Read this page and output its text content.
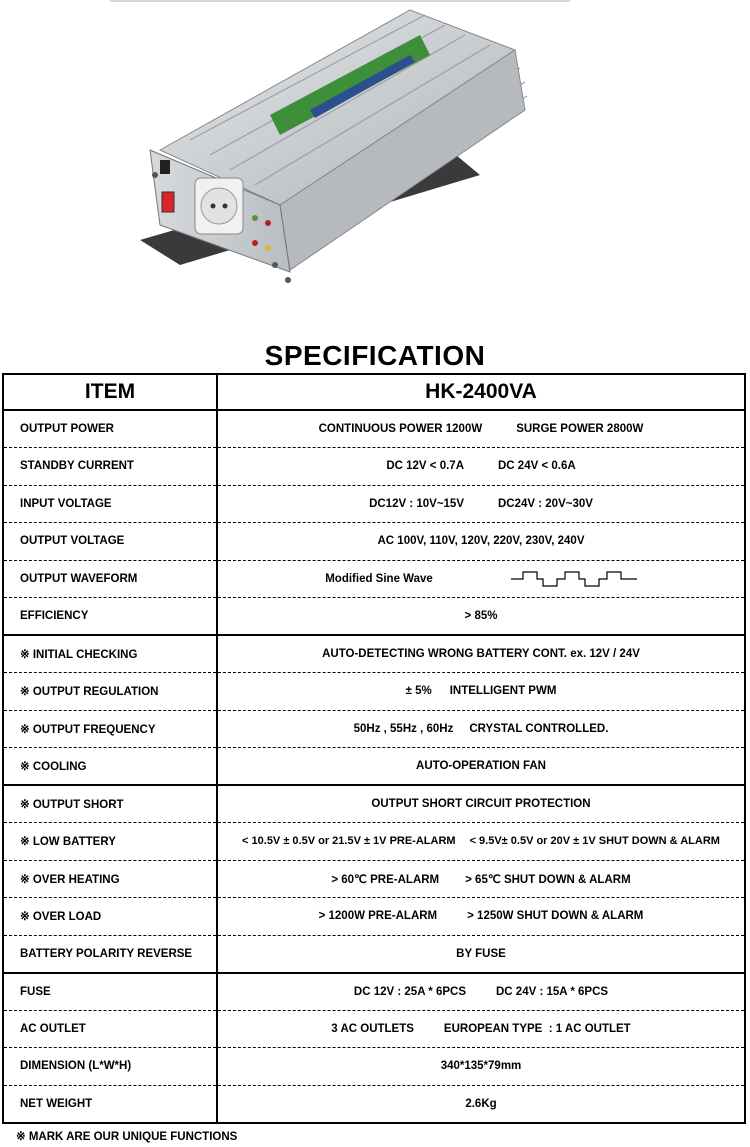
SPECIFICATION
ITEM	HK-2400VA
OUTPUT POWER	CONTINUOUS POWER 1200W SURGE POWER 2800W
STANDBY CURRENT	DC 12V < 0.7A DC 24V < 0.6A
INPUT VOLTAGE	DC12V : 10V~15V DC24V : 20V~30V
OUTPUT VOLTAGE	AC 100V, 110V, 120V, 220V, 230V, 240V
OUTPUT WAVEFORM	Modified Sine Wave

EFFICIENCY	> 85%
※ INITIAL CHECKING	AUTO-DETECTING WRONG BATTERY CONT. ex. 12V / 24V
※ OUTPUT REGULATION	± 5% INTELLIGENT PWM
※ OUTPUT FREQUENCY	50Hz , 55Hz , 60Hz CRYSTAL CONTROLLED.
※ COOLING	AUTO-OPERATION FAN
※ OUTPUT SHORT	OUTPUT SHORT CIRCUIT PROTECTION
※ LOW BATTERY	< 10.5V ± 0.5V or 21.5V ± 1V PRE-ALARM < 9.5V± 0.5V or 20V ± 1V SHUT DOWN & ALARM
※ OVER HEATING	> 60℃ PRE-ALARM > 65℃ SHUT DOWN & ALARM
※ OVER LOAD	> 1200W PRE-ALARM > 1250W SHUT DOWN & ALARM
BATTERY POLARITY REVERSE	BY FUSE
FUSE	DC 12V : 25A * 6PCS DC 24V : 15A * 6PCS
AC OUTLET	3 AC OUTLETS EUROPEAN TYPE  : 1 AC OUTLET
DIMENSION (L*W*H)	340*135*79mm
NET WEIGHT	2.6Kg
※ MARK ARE OUR UNIQUE FUNCTIONS
